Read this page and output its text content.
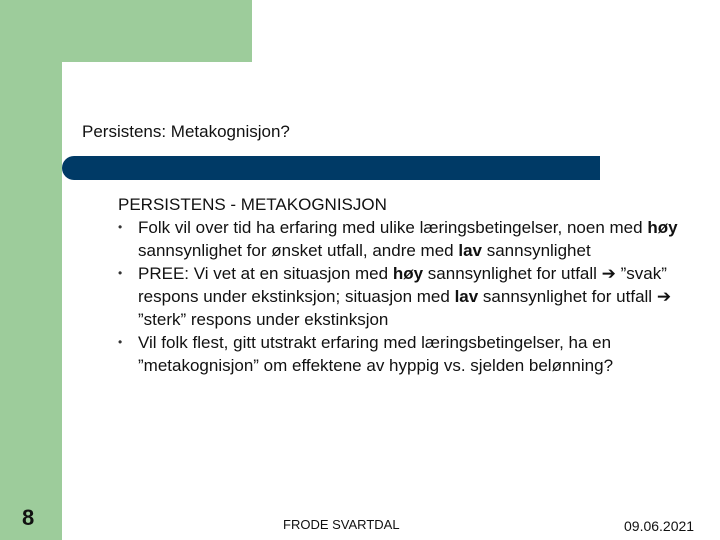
Persistens: Metakognisjon?
PERSISTENS - METAKOGNISJON
• Folk vil over tid ha erfaring med ulike læringsbetingelser, noen med høy sannsynlighet for ønsket utfall, andre med lav sannsynlighet
• PREE: Vi vet at en situasjon med høy sannsynlighet for utfall ➔ ”svak” respons under ekstinksjon; situasjon med lav sannsynlighet for utfall ➔ ”sterk” respons under ekstinksjon
• Vil folk flest, gitt utstrakt erfaring med læringsbetingelser, ha en ”metakognisjon” om effektene av hyppig vs. sjelden belønning?
8	FRODE SVARTDAL	09.06.2021
